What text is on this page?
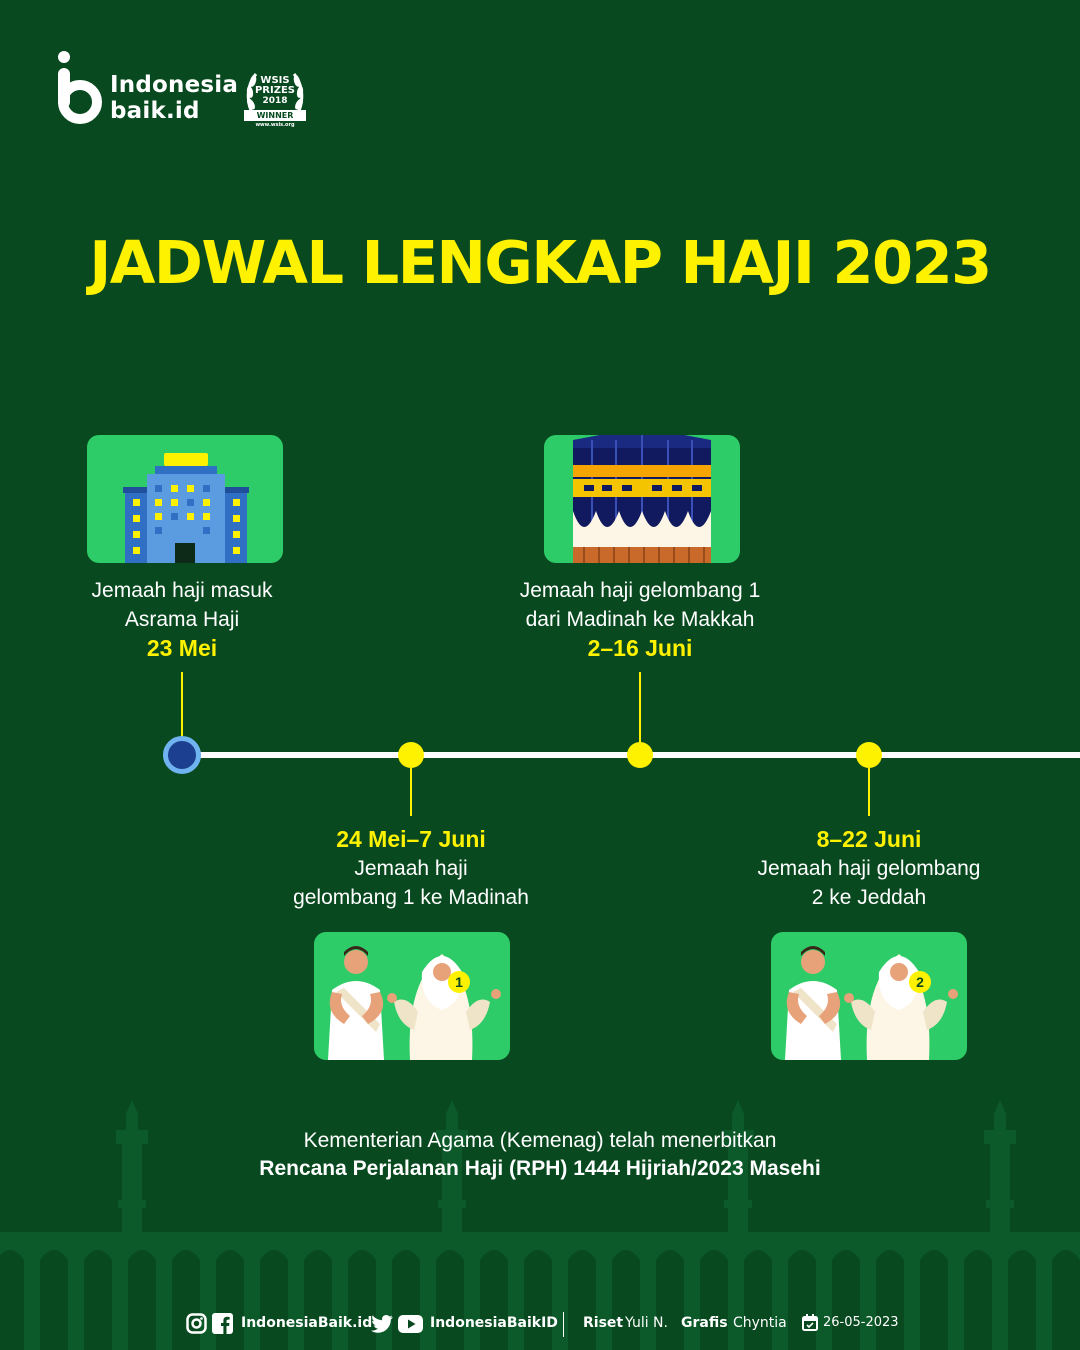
Indonesia
baik.id
WSIS
PRIZES
2018
WINNER
www.wsis.org
JADWAL LENGKAP HAJI 2023
1	2
Jemaah haji masuk
Asrama Haji
23 Mei
Jemaah haji gelombang 1
dari Madinah ke Makkah
2–16 Juni
24 Mei–7 Juni
Jemaah haji
gelombang 1 ke Madinah
8–22 Juni
Jemaah haji gelombang
2 ke Jeddah
Kementerian Agama (Kemenag) telah menerbitkan
Rencana Perjalanan Haji (RPH) 1444 Hijriah/2023 Masehi
IndonesiaBaik.id	IndonesiaBaikID Riset Yuli N. Grafis Chyntia	26-05-2023
